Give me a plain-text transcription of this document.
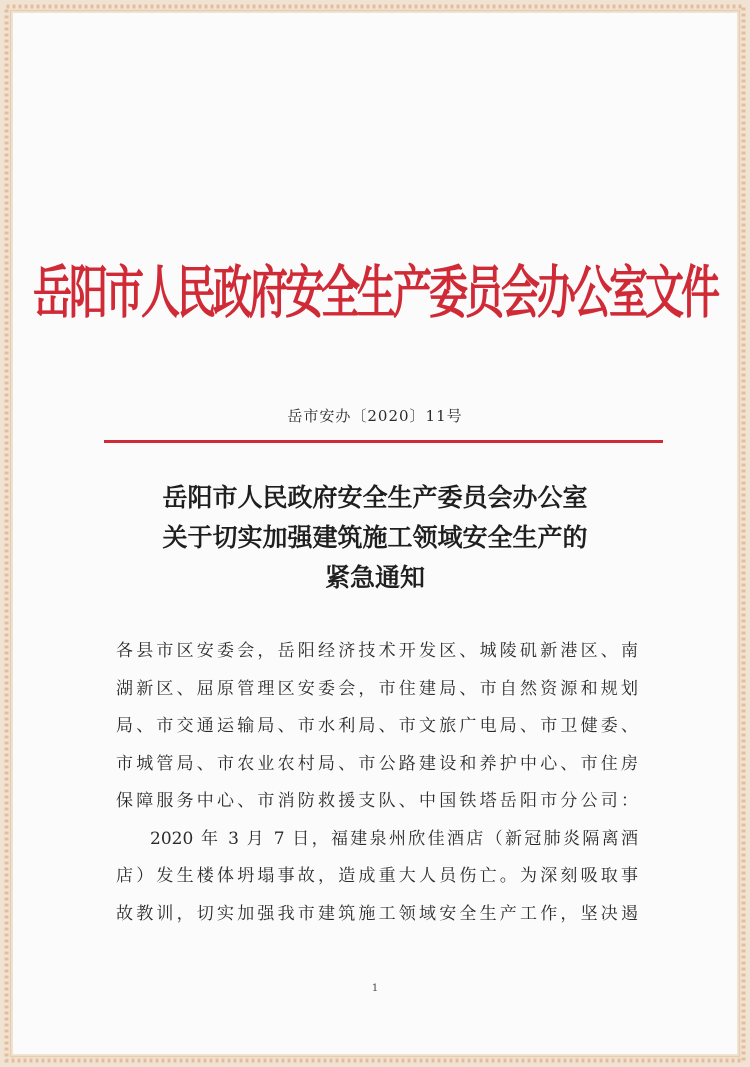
岳阳市人民政府安全生产委员会办公室文件
岳市安办〔2020〕11号
岳阳市人民政府安全生产委员会办公室
关于切实加强建筑施工领域安全生产的
紧急通知
各县市区安委会，岳阳经济技术开发区、城陵矶新港区、南
湖新区、屈原管理区安委会，市住建局、市自然资源和规划
局、市交通运输局、市水利局、市文旅广电局、市卫健委、
市城管局、市农业农村局、市公路建设和养护中心、市住房
保障服务中心、市消防救援支队、中国铁塔岳阳市分公司：
2020 年 3 月 7 日，福建泉州欣佳酒店（新冠肺炎隔离酒
店）发生楼体坍塌事故，造成重大人员伤亡。为深刻吸取事
故教训，切实加强我市建筑施工领域安全生产工作，坚决遏
1
